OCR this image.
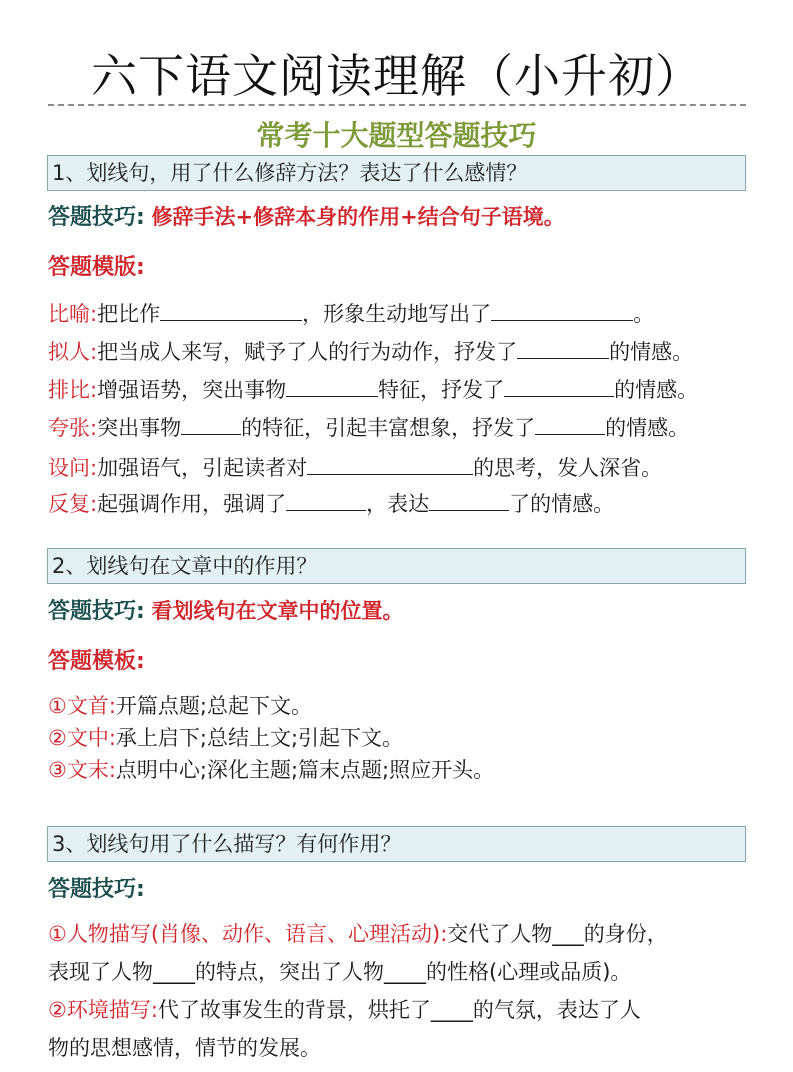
六下语文阅读理解（小升初）
常考十大题型答题技巧
1、划线句，用了什么修辞方法？表达了什么感情？
答题技巧: 修辞手法+修辞本身的作用+结合句子语境。
答题模版:
比喻:把比作	，形象生动地写出了	。
拟人:把当成人来写，赋予了人的行为动作，抒发了	的情感。
排比:增强语势，突出事物	特征，抒发了	的情感。
夸张:突出事物	的特征，引起丰富想象，抒发了	的情感。
设问:加强语气，引起读者对	的思考，发人深省。
反复:起强调作用，强调了	，表达	了的情感。
2、划线句在文章中的作用？
答题技巧: 看划线句在文章中的位置。
答题模板:
①文首:开篇点题;总起下文。
②文中:承上启下;总结上文;引起下文。
③文末:点明中心;深化主题;篇末点题;照应开头。
3、划线句用了什么描写？有何作用？
答题技巧:
①人物描写(肖像、动作、语言、心理活动):交代了人物___的身份，
表现了人物____的特点，突出了人物____的性格(心理或品质)。
②环境描写:代了故事发生的背景，烘托了____的气氛，表达了人
物的思想感情，情节的发展。
